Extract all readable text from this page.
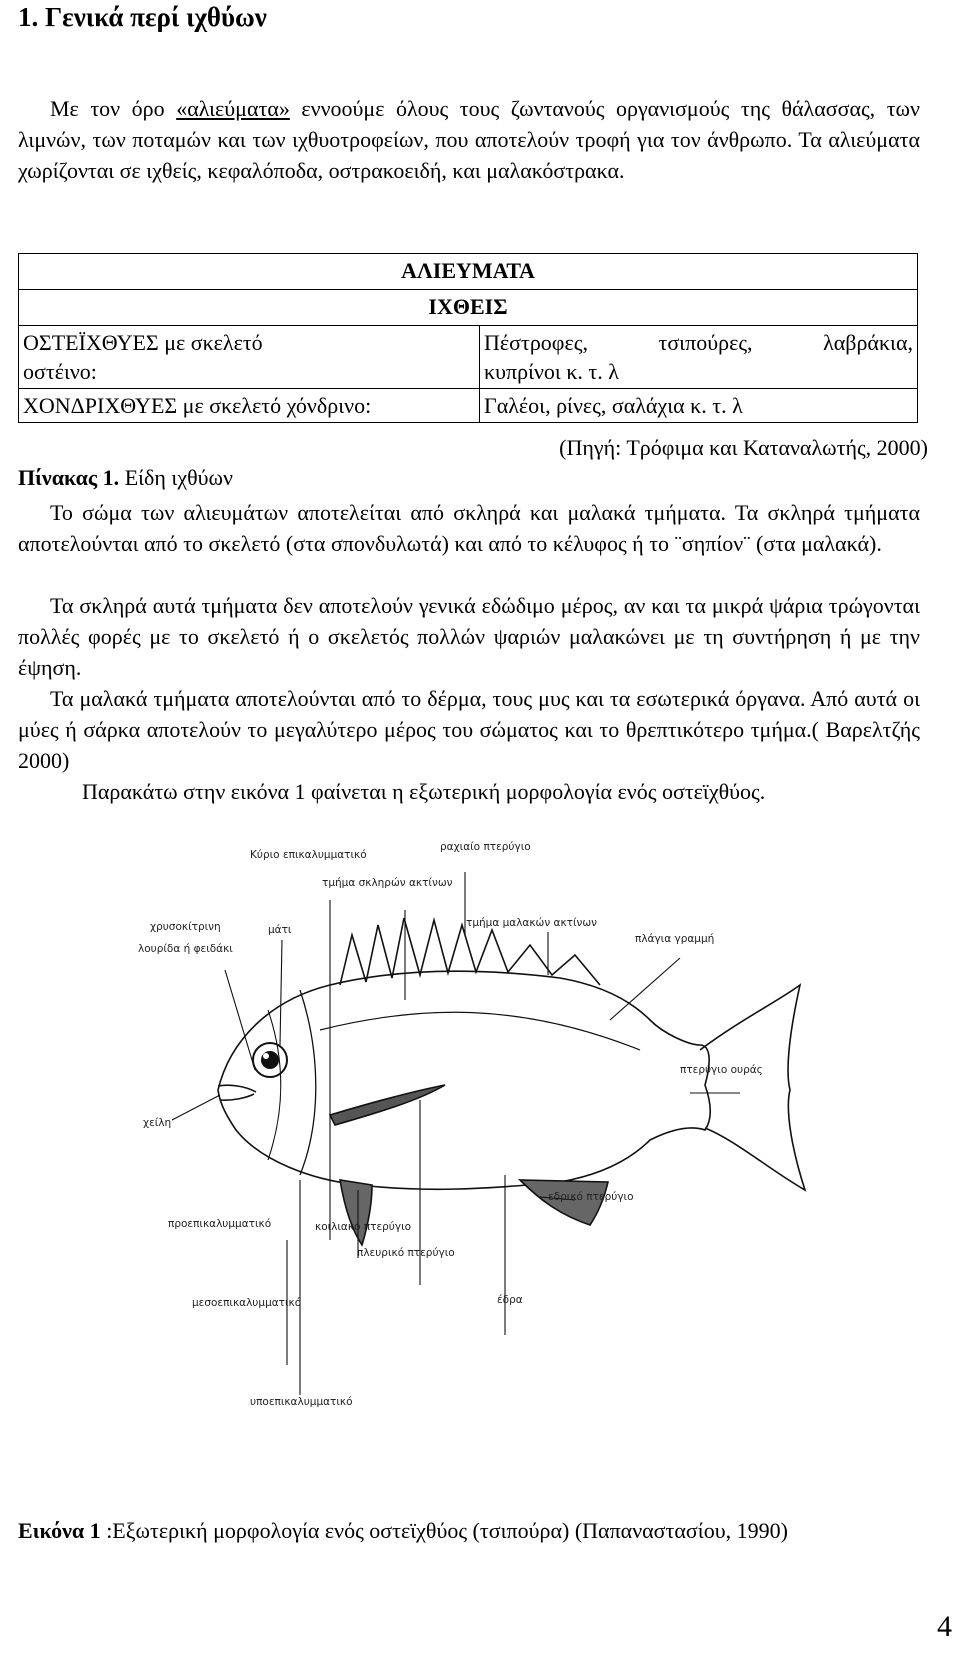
1. Γενικά περί ιχθύων

Με τον όρο «αλιεύματα» εννοούμε όλους τους ζωντανούς οργανισμούς της θάλασσας, των λιμνών, των ποταμών και των ιχθυοτροφείων, που αποτελούν τροφή για τον άνθρωπο. Τα αλιεύματα χωρίζονται σε ιχθείς, κεφαλόποδα, οστρακοειδή, και μαλακόστρακα.

ΑΛΙΕΥΜΑΤΑ	
ΙΧΘΕΙΣ	
ΟΣΤΕΪΧΘΥΕΣ με σκελετό
οστέινο:	Πέστροφες, τσιπούρες, λαβράκια,
κυπρίνοι κ. τ. λ
ΧΟΝΔΡΙΧΘΥΕΣ με σκελετό χόνδρινο:	Γαλέοι, ρίνες, σαλάχια κ. τ. λ
(Πηγή: Τρόφιμα και Καταναλωτής, 2000)
Πίνακας 1. Είδη ιχθύων

Το σώμα των αλιευμάτων αποτελείται από σκληρά και μαλακά τμήματα. Τα σκληρά τμήματα αποτελούνται από το σκελετό (στα σπονδυλωτά) και από το κέλυφος ή το ¨σηπίον¨ (στα μαλακά).

Τα σκληρά αυτά τμήματα δεν αποτελούν γενικά εδώδιμο μέρος, αν και τα μικρά ψάρια τρώγονται πολλές φορές με το σκελετό ή ο σκελετός πολλών ψαριών μαλακώνει με τη συντήρηση ή με την έψηση.

Τα μαλακά τμήματα αποτελούνται από το δέρμα, τους μυς και τα εσωτερικά όργανα. Από αυτά οι μύες ή σάρκα αποτελούν το μεγαλύτερο μέρος του σώματος και το θρεπτικότερο τμήμα.( Βαρελτζής 2000)

Παρακάτω στην εικόνα 1 φαίνεται η εξωτερική μορφολογία ενός οστεϊχθύος.

Κύριο επικαλυμματικό
ραχιαίο πτερύγιο
τμήμα σκληρών ακτίνων
τμήμα μαλακών ακτίνων
πλάγια γραμμή
χρυσοκίτρινη
λουρίδα ή φειδάκι
μάτι
πτερύγιο ουράς
χείλη
εδρικό πτερύγιο
προεπικαλυμματικό	κοιλιακό πτερύγιο
πλευρικό πτερύγιο
μεσοεπικαλυμματικό	έδρα
υποεπικαλυμματικό

Εικόνα 1 :Εξωτερική μορφολογία ενός οστεϊχθύος (τσιπούρα) (Παπαναστασίου, 1990)

4
